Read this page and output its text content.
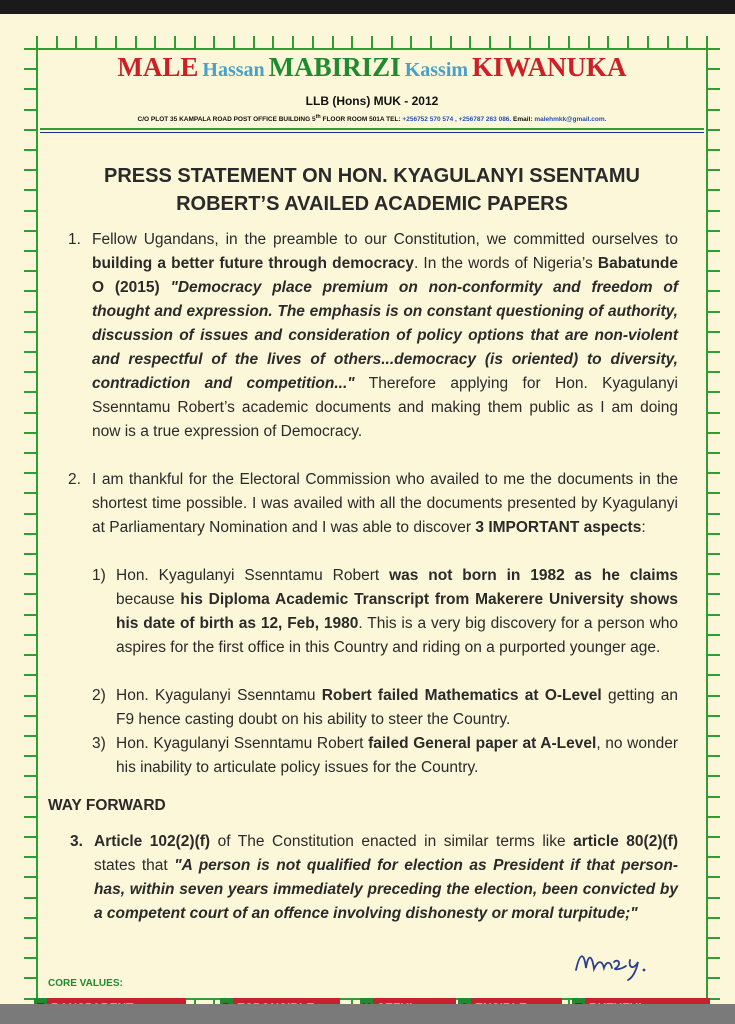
MALE Hassan MABIRIZI Kassim KIWANUKA
LLB (Hons) MUK - 2012
C/O PLOT 35 KAMPALA ROAD POST OFFICE BUILDING 5th FLOOR ROOM 501A TEL: +256752 570 574 , +256787 263 086. Email: malehmkk@gmail.com.
PRESS STATEMENT ON HON. KYAGULANYI SSENTAMU
ROBERT’S AVAILED ACADEMIC PAPERS
1. Fellow Ugandans, in the preamble to our Constitution, we committed ourselves to building a better future through democracy. In the words of Nigeria’s Babatunde O (2015) "Democracy place premium on non-conformity and freedom of thought and expression. The emphasis is on constant questioning of authority, discussion of issues and consideration of policy options that are non-violent and respectful of the lives of others...democracy (is oriented) to diversity, contradiction and competition..." Therefore applying for Hon. Kyagulanyi Ssenntamu Robert’s academic documents and making them public as I am doing now is a true expression of Democracy.
2. I am thankful for the Electoral Commission who availed to me the documents in the shortest time possible. I was availed with all the documents presented by Kyagulanyi at Parliamentary Nomination and I was able to discover 3 IMPORTANT aspects:
1) Hon. Kyagulanyi Ssenntamu Robert was not born in 1982 as he claims because his Diploma Academic Transcript from Makerere University shows his date of birth as 12, Feb, 1980. This is a very big discovery for a person who aspires for the first office in this Country and riding on a purported younger age.
2) Hon. Kyagulanyi Ssenntamu Robert failed Mathematics at O-Level getting an F9 hence casting doubt on his ability to steer the Country.
3) Hon. Kyagulanyi Ssenntamu Robert failed General paper at A-Level, no wonder his inability to articulate policy issues for the Country.
WAY FORWARD
3. Article 102(2)(f) of The Constitution enacted in similar terms like article 80(2)(f) states that "A person is not qualified for election as President if that person- has, within seven years immediately preceding the election, been convicted by a competent court of an offence involving dishonesty or moral turpitude;"
CORE VALUES:
